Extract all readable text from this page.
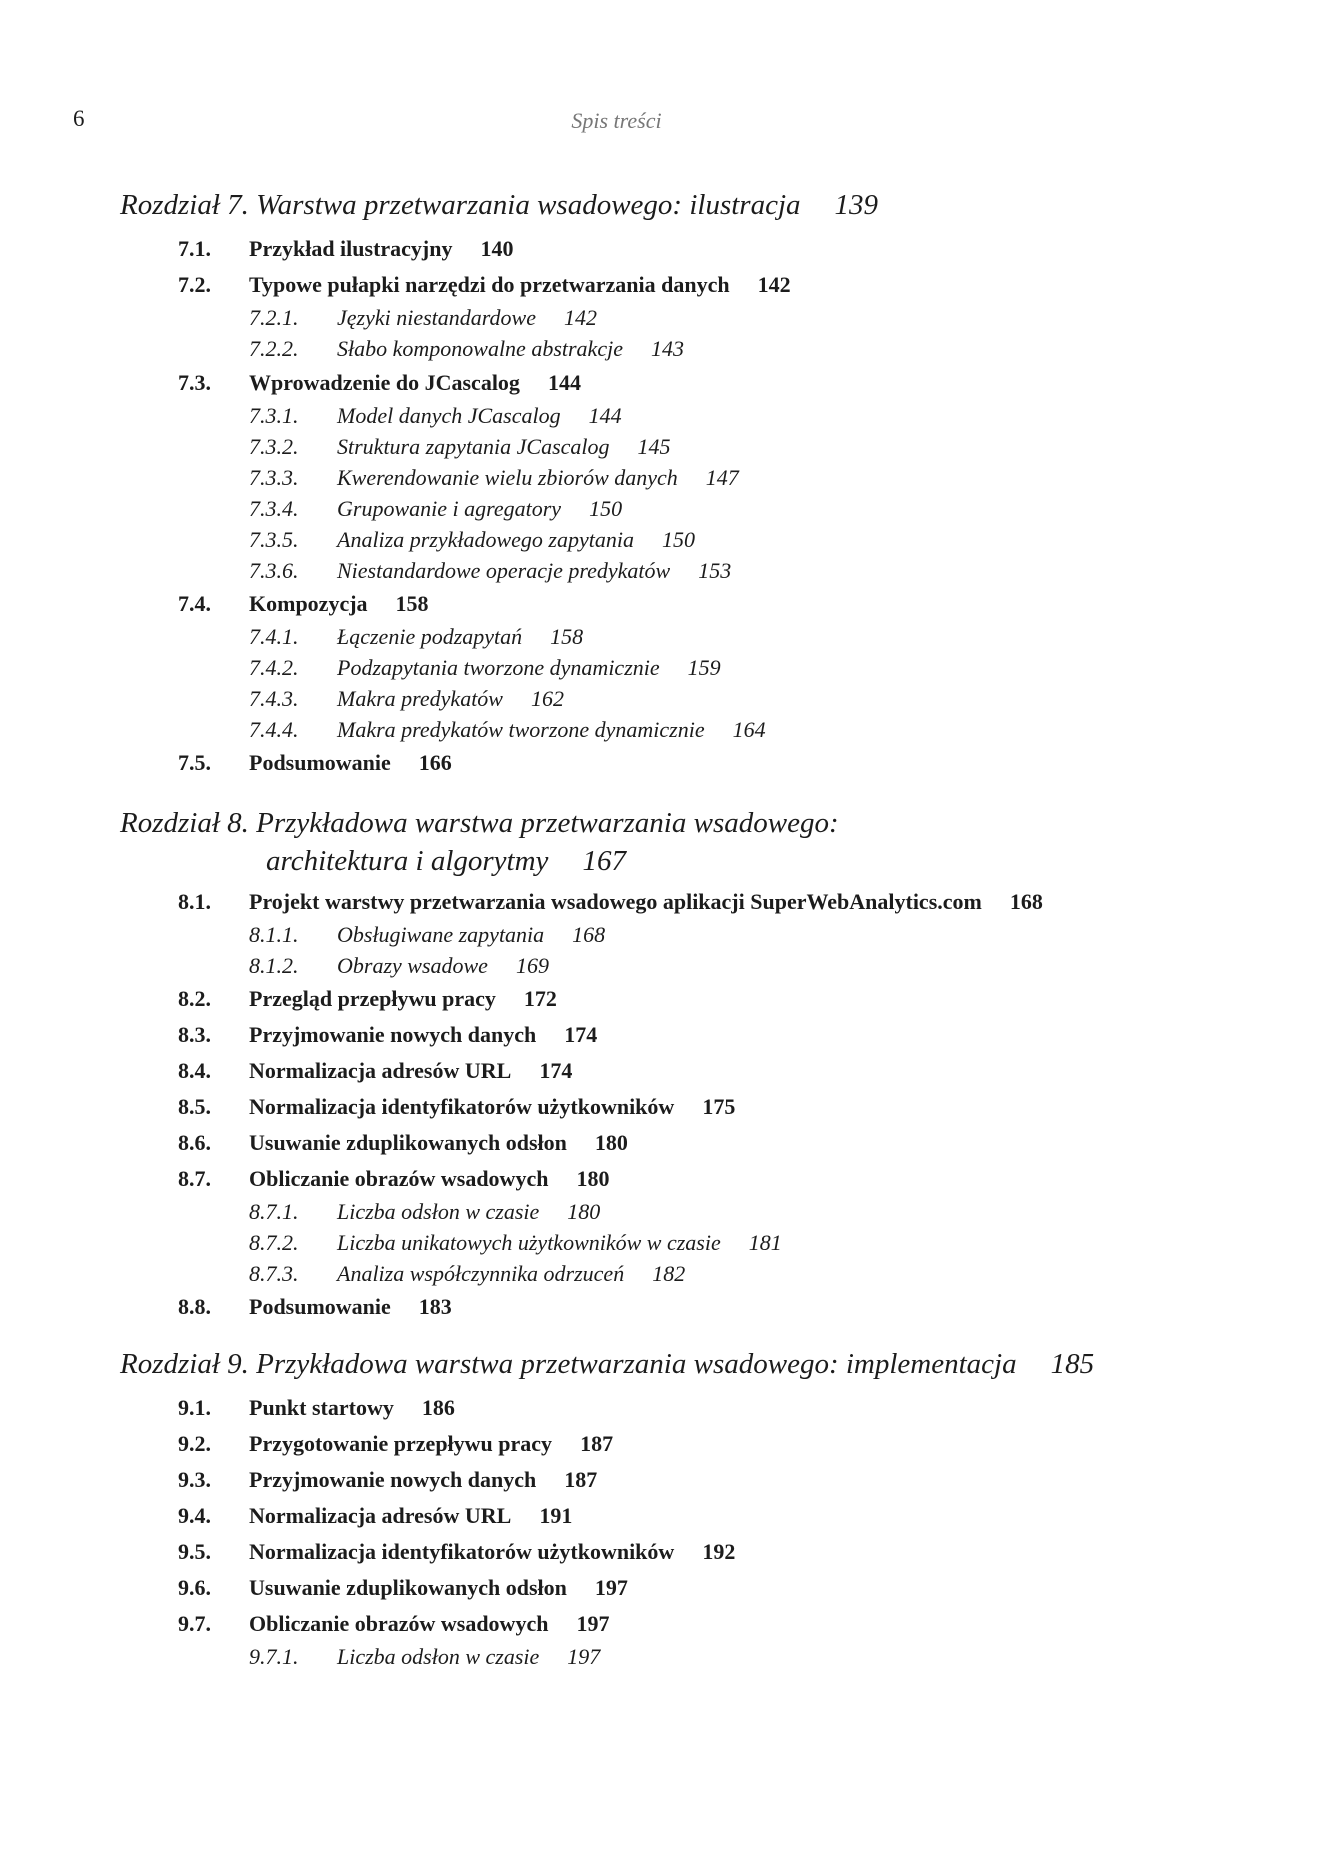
6	Spis treści
Rozdział 7. Warstwa przetwarzania wsadowego: ilustracja 139
7.1. Przykład ilustracyjny 140
7.2. Typowe pułapki narzędzi do przetwarzania danych 142
7.2.1. Języki niestandardowe 142
7.2.2. Słabo komponowalne abstrakcje 143
7.3. Wprowadzenie do JCascalog 144
7.3.1. Model danych JCascalog 144
7.3.2. Struktura zapytania JCascalog 145
7.3.3. Kwerendowanie wielu zbiorów danych 147
7.3.4. Grupowanie i agregatory 150
7.3.5. Analiza przykładowego zapytania 150
7.3.6. Niestandardowe operacje predykatów 153
7.4. Kompozycja 158
7.4.1. Łączenie podzapytań 158
7.4.2. Podzapytania tworzone dynamicznie 159
7.4.3. Makra predykatów 162
7.4.4. Makra predykatów tworzone dynamicznie 164
7.5. Podsumowanie 166
Rozdział 8. Przykładowa warstwa przetwarzania wsadowego:
architektura i algorytmy 167
8.1. Projekt warstwy przetwarzania wsadowego aplikacji SuperWebAnalytics.com 168
8.1.1. Obsługiwane zapytania 168
8.1.2. Obrazy wsadowe 169
8.2. Przegląd przepływu pracy 172
8.3. Przyjmowanie nowych danych 174
8.4. Normalizacja adresów URL 174
8.5. Normalizacja identyfikatorów użytkowników 175
8.6. Usuwanie zduplikowanych odsłon 180
8.7. Obliczanie obrazów wsadowych 180
8.7.1. Liczba odsłon w czasie 180
8.7.2. Liczba unikatowych użytkowników w czasie 181
8.7.3. Analiza współczynnika odrzuceń 182
8.8. Podsumowanie 183
Rozdział 9. Przykładowa warstwa przetwarzania wsadowego: implementacja 185
9.1. Punkt startowy 186
9.2. Przygotowanie przepływu pracy 187
9.3. Przyjmowanie nowych danych 187
9.4. Normalizacja adresów URL 191
9.5. Normalizacja identyfikatorów użytkowników 192
9.6. Usuwanie zduplikowanych odsłon 197
9.7. Obliczanie obrazów wsadowych 197
9.7.1. Liczba odsłon w czasie 197
